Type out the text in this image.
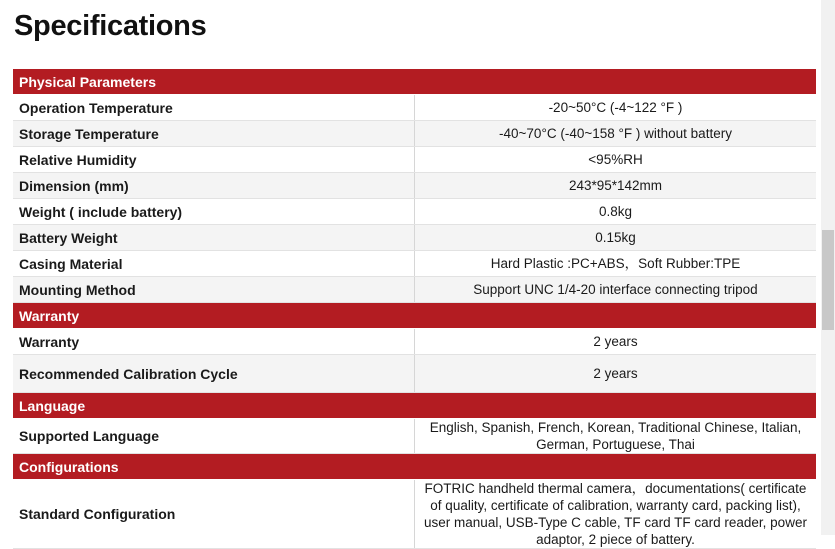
Specifications
Physical Parameters	
Operation Temperature	-20~50°C (-4~122 °F )
Storage Temperature	-40~70°C (-40~158 °F ) without battery
Relative Humidity	<95%RH
Dimension (mm)	243*95*142mm
Weight ( include battery)	0.8kg
Battery Weight	0.15kg
Casing Material	Hard Plastic :PC+ABS，Soft Rubber:TPE
Mounting Method	Support UNC 1/4-20 interface connecting tripod
Warranty	
Warranty	2 years
Recommended Calibration Cycle	2 years
Language	
Supported Language	English, Spanish, French, Korean, Traditional Chinese, Italian, German, Portuguese, Thai
Configurations	
Standard Configuration	FOTRIC handheld thermal camera，documentations( certificate of quality, certificate of calibration, warranty card, packing list), user manual, USB-Type C cable, TF card TF card reader, power adaptor, 2 piece of battery.
